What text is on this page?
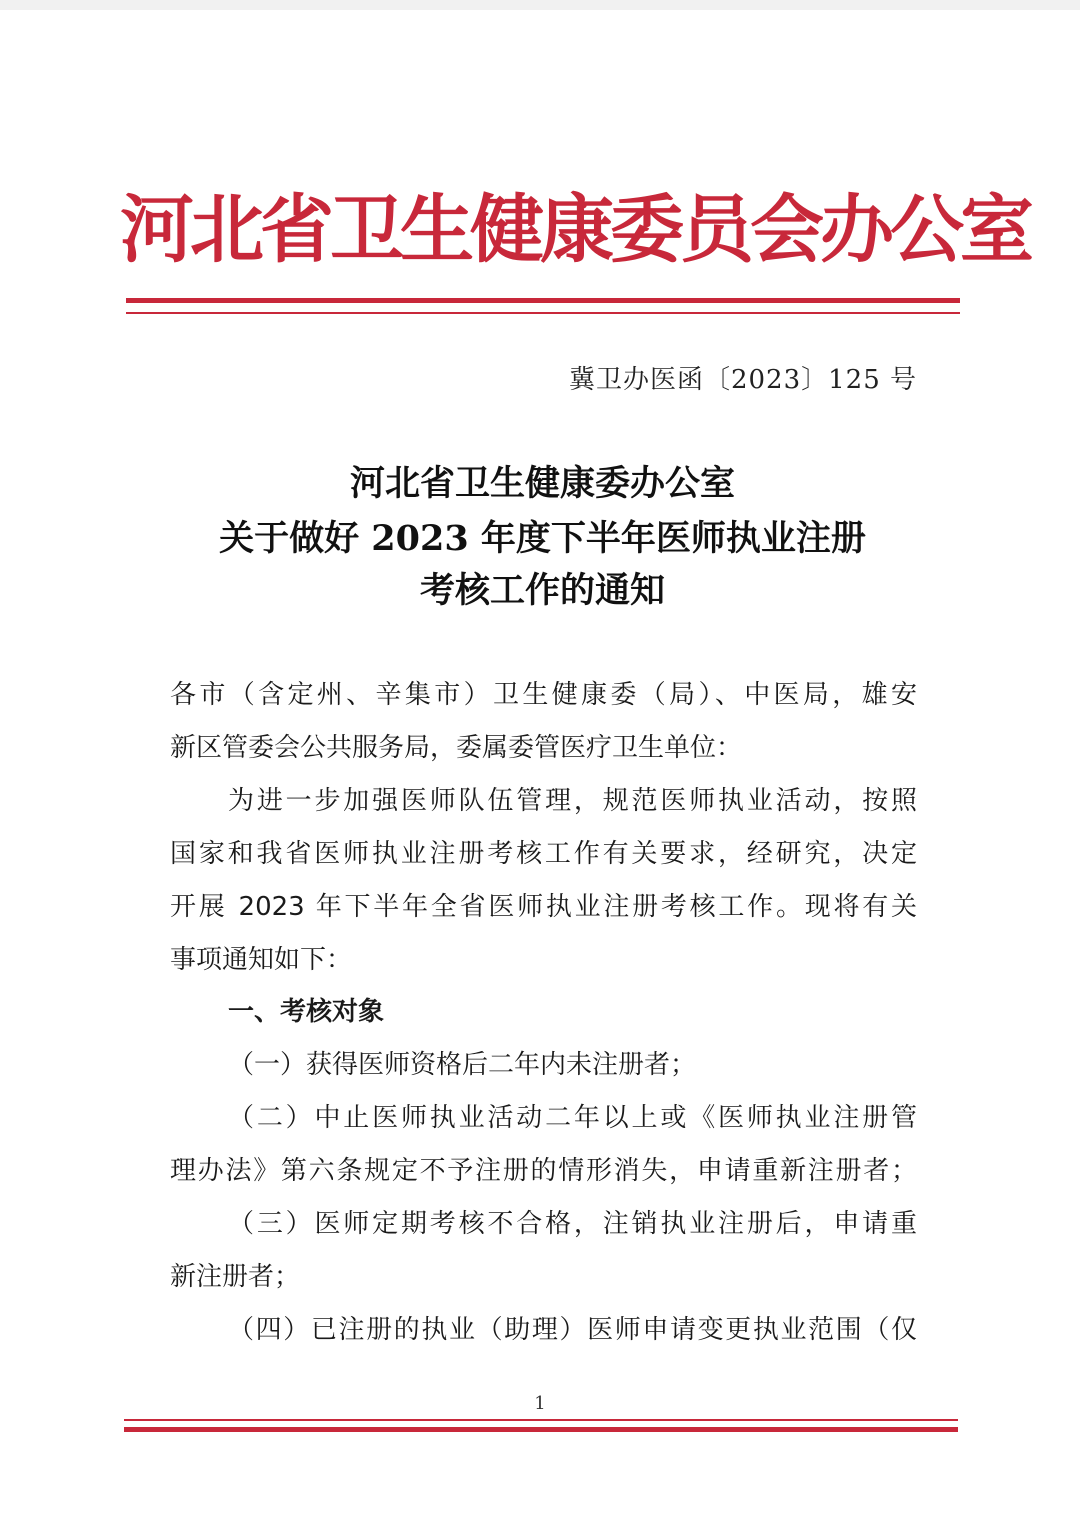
河北省卫生健康委员会办公室
冀卫办医函〔2023〕125 号
河北省卫生健康委办公室
关于做好 2023 年度下半年医师执业注册
考核工作的通知
各市（含定州、辛集市）卫生健康委（局）、中医局，雄安
新区管委会公共服务局，委属委管医疗卫生单位：
为进一步加强医师队伍管理，规范医师执业活动，按照
国家和我省医师执业注册考核工作有关要求，经研究，决定
开展 2023 年下半年全省医师执业注册考核工作。现将有关
事项通知如下：
一、考核对象
（一）获得医师资格后二年内未注册者；
（二）中止医师执业活动二年以上或《医师执业注册管
理办法》第六条规定不予注册的情形消失，申请重新注册者；
（三）医师定期考核不合格，注销执业注册后，申请重
新注册者；
（四）已注册的执业（助理）医师申请变更执业范围（仅
1
